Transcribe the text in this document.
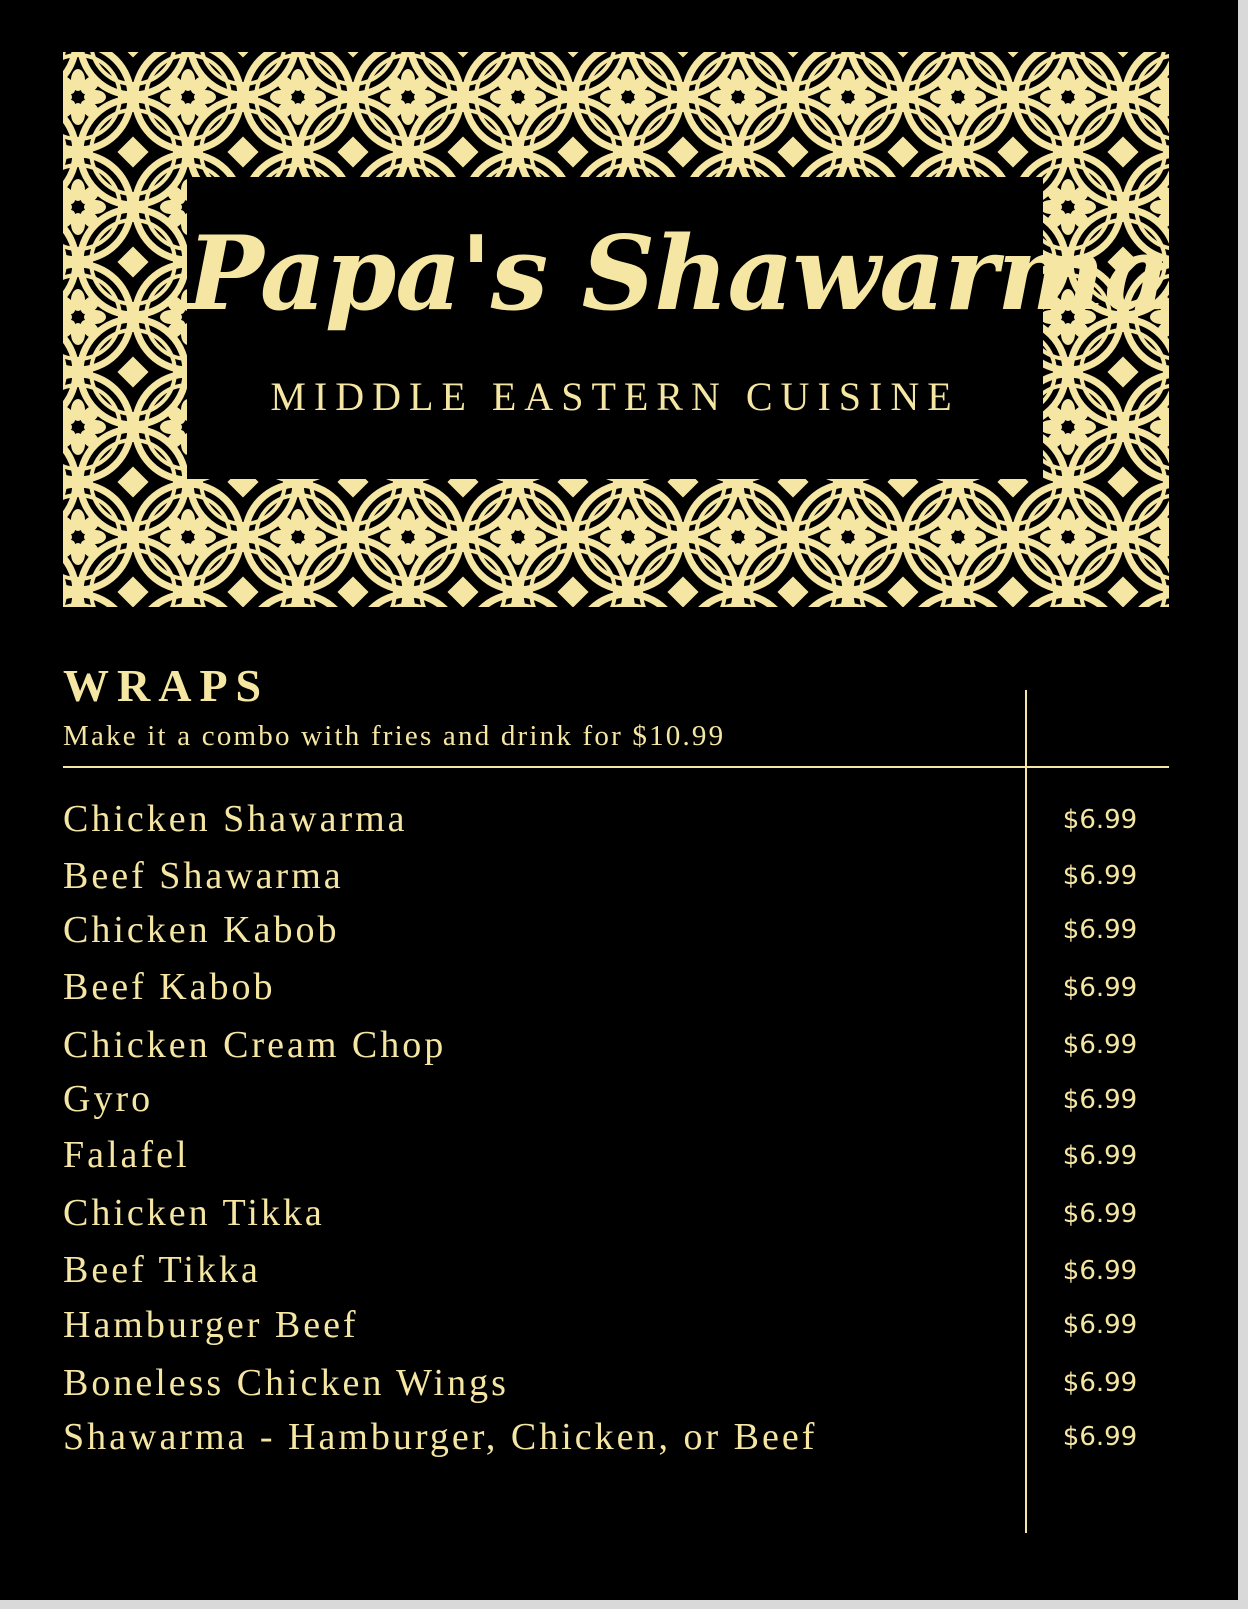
Papa's Shawarma
MIDDLE EASTERN CUISINE
WRAPS
Make it a combo with fries and drink for $10.99
Chicken Shawarma	$6.99
Beef Shawarma	$6.99
Chicken Kabob	$6.99
Beef Kabob	$6.99
Chicken Cream Chop	$6.99
Gyro	$6.99
Falafel	$6.99
Chicken Tikka	$6.99
Beef Tikka	$6.99
Hamburger Beef	$6.99
Boneless Chicken Wings	$6.99
Shawarma - Hamburger, Chicken, or Beef	$6.99
